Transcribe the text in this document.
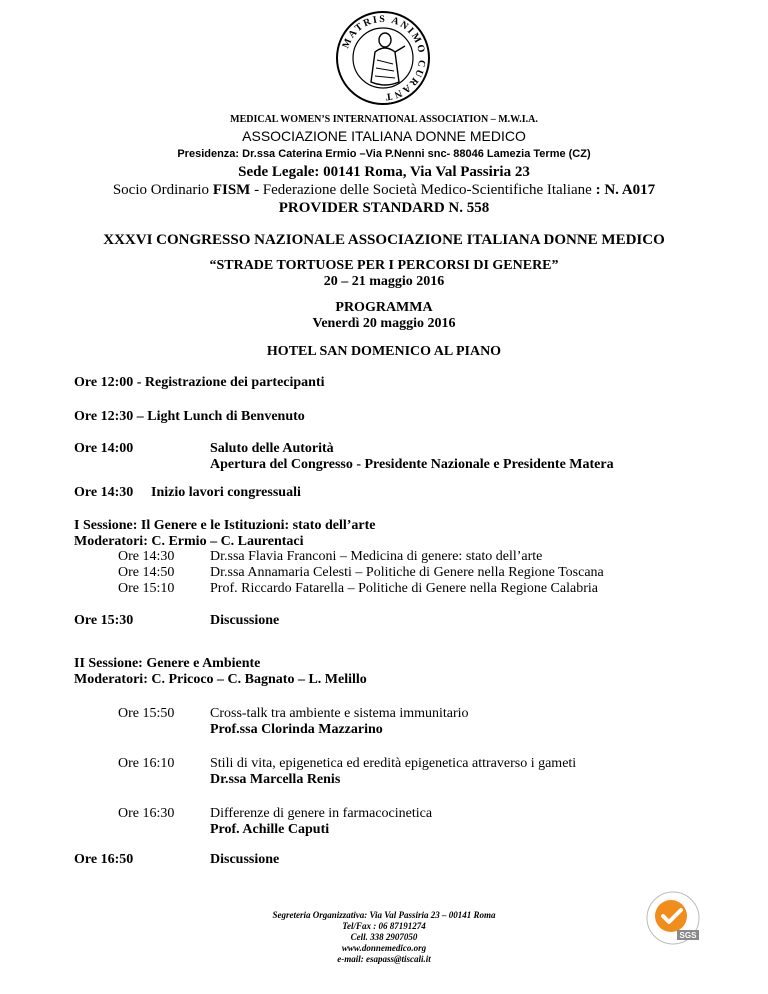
MATRIS ANIMO CURANT
MEDICAL WOMEN’S INTERNATIONAL ASSOCIATION – M.W.I.A.
ASSOCIAZIONE ITALIANA DONNE MEDICO
Presidenza: Dr.ssa Caterina Ermio –Via P.Nenni snc- 88046 Lamezia Terme (CZ)
Sede Legale: 00141 Roma, Via Val Passiria 23
Socio Ordinario FISM - Federazione delle Società Medico-Scientifiche Italiane : N. A017
PROVIDER STANDARD N. 558
XXXVI CONGRESSO NAZIONALE ASSOCIAZIONE ITALIANA DONNE MEDICO
“STRADE TORTUOSE PER I PERCORSI DI GENERE”
20 – 21 maggio 2016
PROGRAMMA
Venerdì 20 maggio 2016
HOTEL SAN DOMENICO AL PIANO
Ore 12:00 - Registrazione dei partecipanti
Ore 12:30 – Light Lunch di Benvenuto
Ore 14:00	Saluto delle Autorità
Apertura del Congresso - Presidente Nazionale e Presidente Matera
Ore 14:30 Inizio lavori congressuali
I Sessione: Il Genere e le Istituzioni: stato dell’arte
Moderatori: C. Ermio – C. Laurentaci
Ore 14:30	Dr.ssa Flavia Franconi – Medicina di genere: stato dell’arte
Ore 14:50	Dr.ssa Annamaria Celesti – Politiche di Genere nella Regione Toscana
Ore 15:10	Prof. Riccardo Fatarella – Politiche di Genere nella Regione Calabria
Ore 15:30	Discussione
II Sessione: Genere e Ambiente
Moderatori: C. Pricoco – C. Bagnato – L. Melillo
Ore 15:50	Cross-talk tra ambiente e sistema immunitario
Prof.ssa Clorinda Mazzarino
Ore 16:10	Stili di vita, epigenetica ed eredità epigenetica attraverso i gameti
Dr.ssa Marcella Renis
Ore 16:30	Differenze di genere in farmacocinetica
Prof. Achille Caputi
Ore 16:50	Discussione
Segreteria Organizzativa: Via Val Passiria 23 – 00141 Roma
Tel/Fax : 06 87191274
Cell. 338 2907050
www.donnemedico.org
e-mail: esapass@tiscali.it
SGS
